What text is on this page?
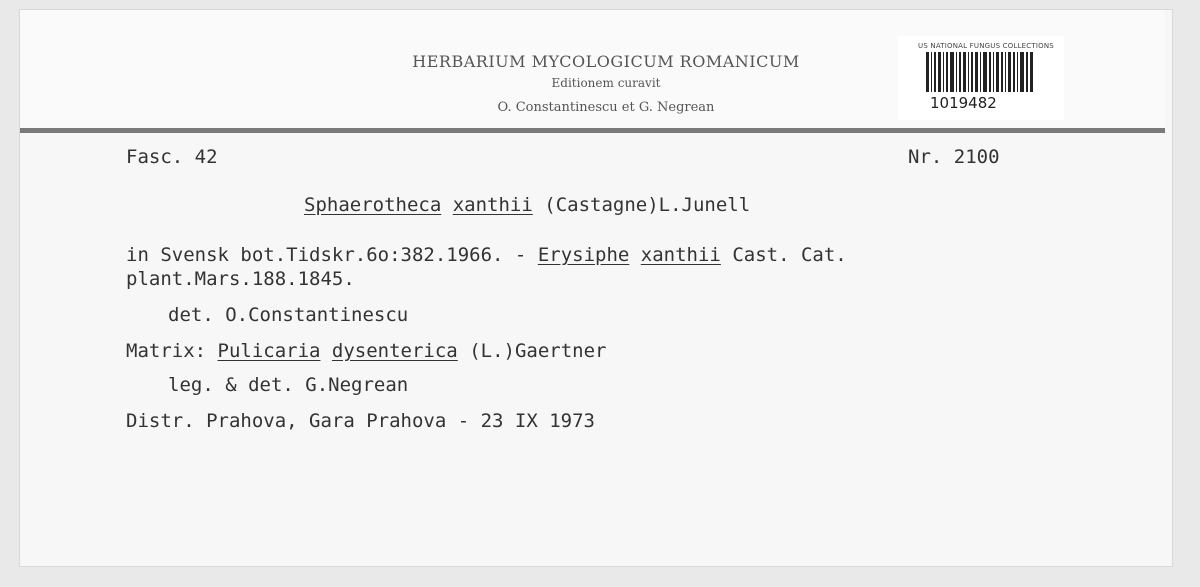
HERBARIUM MYCOLOGICUM ROMANICUM
Editionem curavit
O. Constantinescu et G. Negrean
US NATIONAL FUNGUS COLLECTIONS
1019482
Fasc. 42	Nr. 2100
Sphaerotheca xanthii (Castagne)L.Junell
in Svensk bot.Tidskr.6o:382.1966. - Erysiphe xanthii Cast. Cat.
plant.Mars.188.1845.
det. O.Constantinescu
Matrix: Pulicaria dysenterica (L.)Gaertner
leg. & det. G.Negrean
Distr. Prahova, Gara Prahova - 23 IX 1973
